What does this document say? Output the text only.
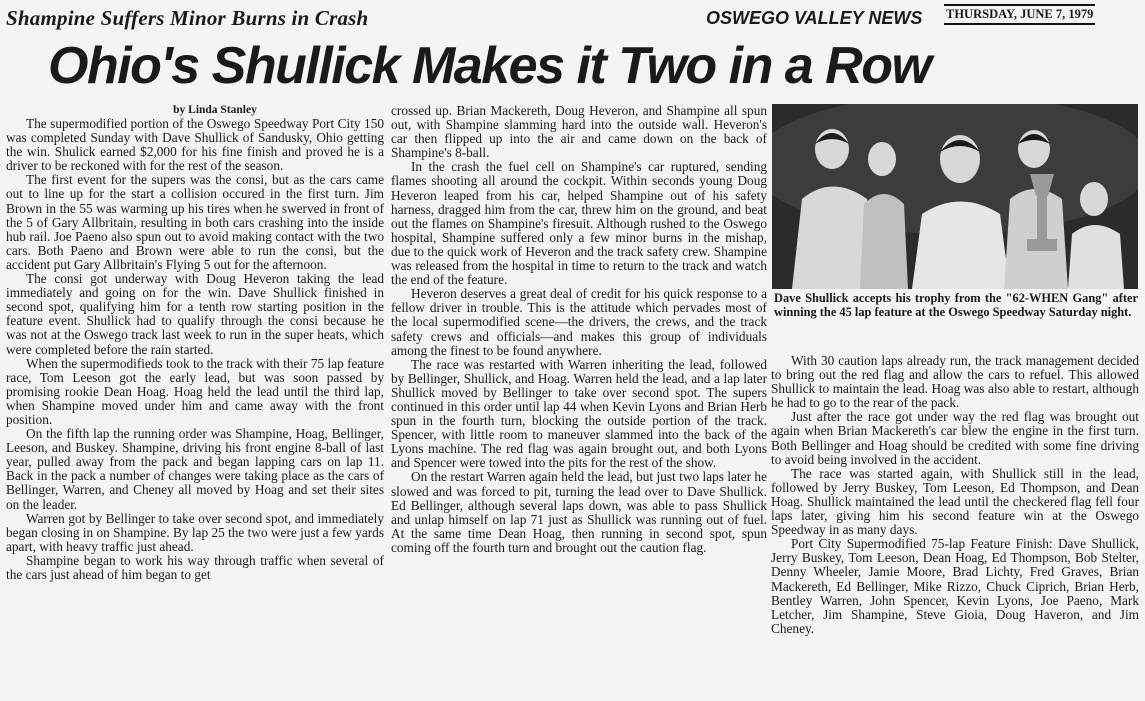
Shampine Suffers Minor Burns in Crash	OSWEGO VALLEY NEWS THURSDAY, JUNE 7, 1979
Ohio's Shullick Makes it Two in a Row
by Linda Stanley

The supermodified portion of the Oswego Speedway Port City 150 was completed Sunday with Dave Shullick of Sandusky, Ohio getting the win. Shulick earned $2,000 for his fine finish and proved he is a driver to be reckoned with for the rest of the season.

The first event for the supers was the consi, but as the cars came out to line up for the start a collision occured in the first turn. Jim Brown in the 55 was warming up his tires when he swerved in front of the 5 of Gary Allbritain, resulting in both cars crashing into the inside hub rail. Joe Paeno also spun out to avoid making contact with the two cars. Both Paeno and Brown were able to run the consi, but the accident put Gary Allbritain's Flying 5 out for the afternoon.

The consi got underway with Doug Heveron taking the lead immediately and going on for the win. Dave Shullick finished in second spot, qualifying him for a tenth row starting position in the feature event. Shullick had to qualify through the consi because he was not at the Oswego track last week to run in the super heats, which were completed before the rain started.

When the supermodifieds took to the track with their 75 lap feature race, Tom Leeson got the early lead, but was soon passed by promising rookie Dean Hoag. Hoag held the lead until the third lap, when Shampine moved under him and came away with the front position.

On the fifth lap the running order was Shampine, Hoag, Bellinger, Leeson, and Buskey. Shampine, driving his front engine 8-ball of last year, pulled away from the pack and began lapping cars on lap 11. Back in the pack a number of changes were taking place as the cars of Bellinger, Warren, and Cheney all moved by Hoag and set their sites on the leader.

Warren got by Bellinger to take over second spot, and immediately began closing in on Shampine. By lap 25 the two were just a few yards apart, with heavy traffic just ahead.

Shampine began to work his way through traffic when several of the cars just ahead of him began to get

crossed up. Brian Mackereth, Doug Heveron, and Shampine all spun out, with Shampine slamming hard into the outside wall. Heveron's car then flipped up into the air and came down on the back of Shampine's 8-ball.

In the crash the fuel cell on Shampine's car ruptured, sending flames shooting all around the cockpit. Within seconds young Doug Heveron leaped from his car, helped Shampine out of his safety harness, dragged him from the car, threw him on the ground, and beat out the flames on Shampine's firesuit. Although rushed to the Oswego hospital, Shampine suffered only a few minor burns in the mishap, due to the quick work of Heveron and the track safety crew. Shampine was released from the hospital in time to return to the track and watch the end of the feature.

Heveron deserves a great deal of credit for his quick response to a fellow driver in trouble. This is the attitude which pervades most of the local supermodified scene—the drivers, the crews, and the track safety crews and officials—and makes this group of individuals among the finest to be found anywhere.

The race was restarted with Warren inheriting the lead, followed by Bellinger, Shullick, and Hoag. Warren held the lead, and a lap later Shullick moved by Bellinger to take over second spot. The supers continued in this order until lap 44 when Kevin Lyons and Brian Herb spun in the fourth turn, blocking the outside portion of the track. Spencer, with little room to maneuver slammed into the back of the Lyons machine. The red flag was again brought out, and both Lyons and Spencer were towed into the pits for the rest of the show.

On the restart Warren again held the lead, but just two laps later he slowed and was forced to pit, turning the lead over to Dave Shullick. Ed Bellinger, although several laps down, was able to pass Shullick and unlap himself on lap 71 just as Shullick was running out of fuel. At the same time Dean Hoag, then running in second spot, spun coming off the fourth turn and brought out the caution flag.

Dave Shullick accepts his trophy from the "62-WHEN Gang" after winning the 45 lap feature at the Oswego Speedway Saturday night.

With 30 caution laps already run, the track management decided to bring out the red flag and allow the cars to refuel. This allowed Shullick to maintain the lead. Hoag was also able to restart, although he had to go to the rear of the pack.

Just after the race got under way the red flag was brought out again when Brian Mackereth's car blew the engine in the first turn. Both Bellinger and Hoag should be credited with some fine driving to avoid being involved in the accident.

The race was started again, with Shullick still in the lead, followed by Jerry Buskey, Tom Leeson, Ed Thompson, and Dean Hoag. Shullick maintained the lead until the checkered flag fell four laps later, giving him his second feature win at the Oswego Speedway in as many days.

Port City Supermodified 75-lap Feature Finish: Dave Shullick, Jerry Buskey, Tom Leeson, Dean Hoag, Ed Thompson, Bob Stelter, Denny Wheeler, Jamie Moore, Brad Lichty, Fred Graves, Brian Mackereth, Ed Bellinger, Mike Rizzo, Chuck Ciprich, Brian Herb, Bentley Warren, John Spencer, Kevin Lyons, Joe Paeno, Mark Letcher, Jim Shampine, Steve Gioia, Doug Haveron, and Jim Cheney.
